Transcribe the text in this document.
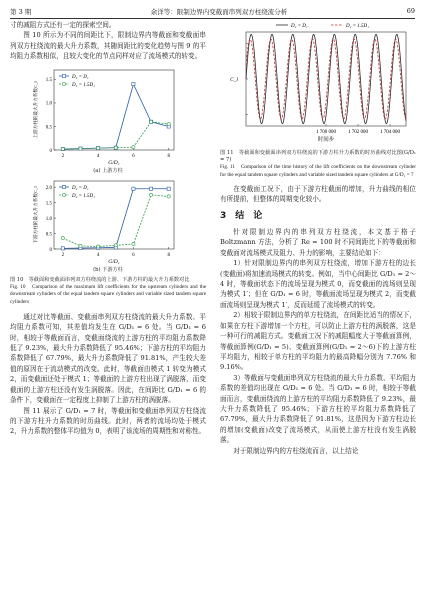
第 3 期	余洋等：限制边界内变截面串列双方柱绕流分析	69

寸的减阻方式还有一定的探索空间。

图 10 所示为不同的间距比下，限制边界内等截面和变截面串列双方柱绕流的最大升力系数，其随间距比的变化趋势与图 9 的平均阻力系数相似，且较大变化的节点同样对应了流场模式的转变。

0
0.5
1.0
1.5
2	4	6	8
G/D₁
上游方柱的最大升力系数C_l
D₂ = D₁
D₂ = 1.5D₁
(a) 上游方柱
0
0.5
1.0
1.5
2.0
2	4	6	8
G/D₁
下游方柱的最大升力系数C_l	D₂ = D₁
D₂ = 1.5D₁
(b) 下游方柱
图 10　等截面和变截面串列双方柱绕流的上游、下游方柱的最大升力系数对比
Fig. 10　Comparison of the maximum lift coefficients for the upstream cylinders and the downstream cylinders of the equal tandem square cylinders and variable sized tandem square cylinders

通过对比等截面、变截面串列双方柱绕流的最大升力系数、平均阻力系数可知，其差值均发生在 G/D₁ = 6 处。当 G/D₁ = 6 时，相较于等截面而言，变截面绕流的上游方柱的平均阻力系数降低了 9.23%，最大升力系数降低了 95.46%；下游方柱的平均阻力系数降低了 67.79%，最大升力系数降低了 91.81%，产生较大差值的原因在于流动模式的改变。此时，等截面由模式 1 转变为模式 2，而变截面还处于模式 1；等截面的上游方柱出现了涡脱落，而变截面的上游方柱还没有发生涡脱落。因此，在间距比 G/D₁ = 6 的条件下，变截面在一定程度上抑制了上游方柱的涡脱落。

图 11 展示了 G/D₁ = 7 时，等截面和变截面串列双方柱绕流的下游方柱升力系数的时历曲线。此时，两者的流场均处于模式 2，升力系数的整体平均值为 0，表明了该流场的周期性和对称性。

1 700 000 1 702 000 1 704 000
时间步
C_l
D₂ = D₁	D₂ = 1.5D₁
图 11　等截面和变截面串列双方柱绕流的下游方柱升力系数的时历曲线对比图(G/D₁ = 7)
Fig. 11　Comparison of the time history of the lift coefficients on the downstream cylinder for the equal tandem square cylinders and variable sized tandem square cylinders at G/D₁ = 7

在变截面工况下，由于下游方柱截面的增加，升力曲线的相位有所提前，但整体的周期变化较小。

3　结　论

针对限制边界内的串列双方柱绕流，本文基于格子 Boltzmann 方法，分析了 Re = 100 时不同间距比下的等截面和变截面对流场模式及阻力、升力的影响，主要结论如下：

1）针对限制边界内的串列双方柱绕流，增加下游方柱的边长(变截面)将加速流场模式的转变。例如，当中心间距比 G/D₁ = 2～4 时，等截面状态下的流场呈现为模式 0，而变截面的流场则呈现为模式 1′；但在 G/D₁ = 6 时，等截面流场呈现为模式 2，而变截面流场则呈现为模式 1′，反而延缓了流场模式的转变。

2）相较于限制边界内的单方柱绕流，在间距比适当的情况下，如果在方柱下游增加一个方柱，可以防止上游方柱的涡脱落，这是一种可行的减阻方式。变截面工况下的减阻幅度大于等截面算例，等截面算例(G/D₁ = 5)、变截面算例(G/D₁ = 2～6)下的上游方柱平均阻力，相较于单方柱的平均阻力的最高降幅分别为 7.76% 和 9.16%。

3）等截面与变截面串列双方柱绕流的最大升力系数、平均阻力系数的差值均出现在 G/D₁ = 6 处。当 G/D₁ = 6 时，相较于等截面而言，变截面绕流的上游方柱的平均阻力系数降低了 9.23%，最大升力系数降低了 95.46%；下游方柱的平均阻力系数降低了 67.79%，最大升力系数降低了 91.81%，这是因为下游方柱边长的增加(变截面)改变了流场模式，从而使上游方柱没有发生涡脱落。

对于限制边界内的方柱绕流而言，以上结论
